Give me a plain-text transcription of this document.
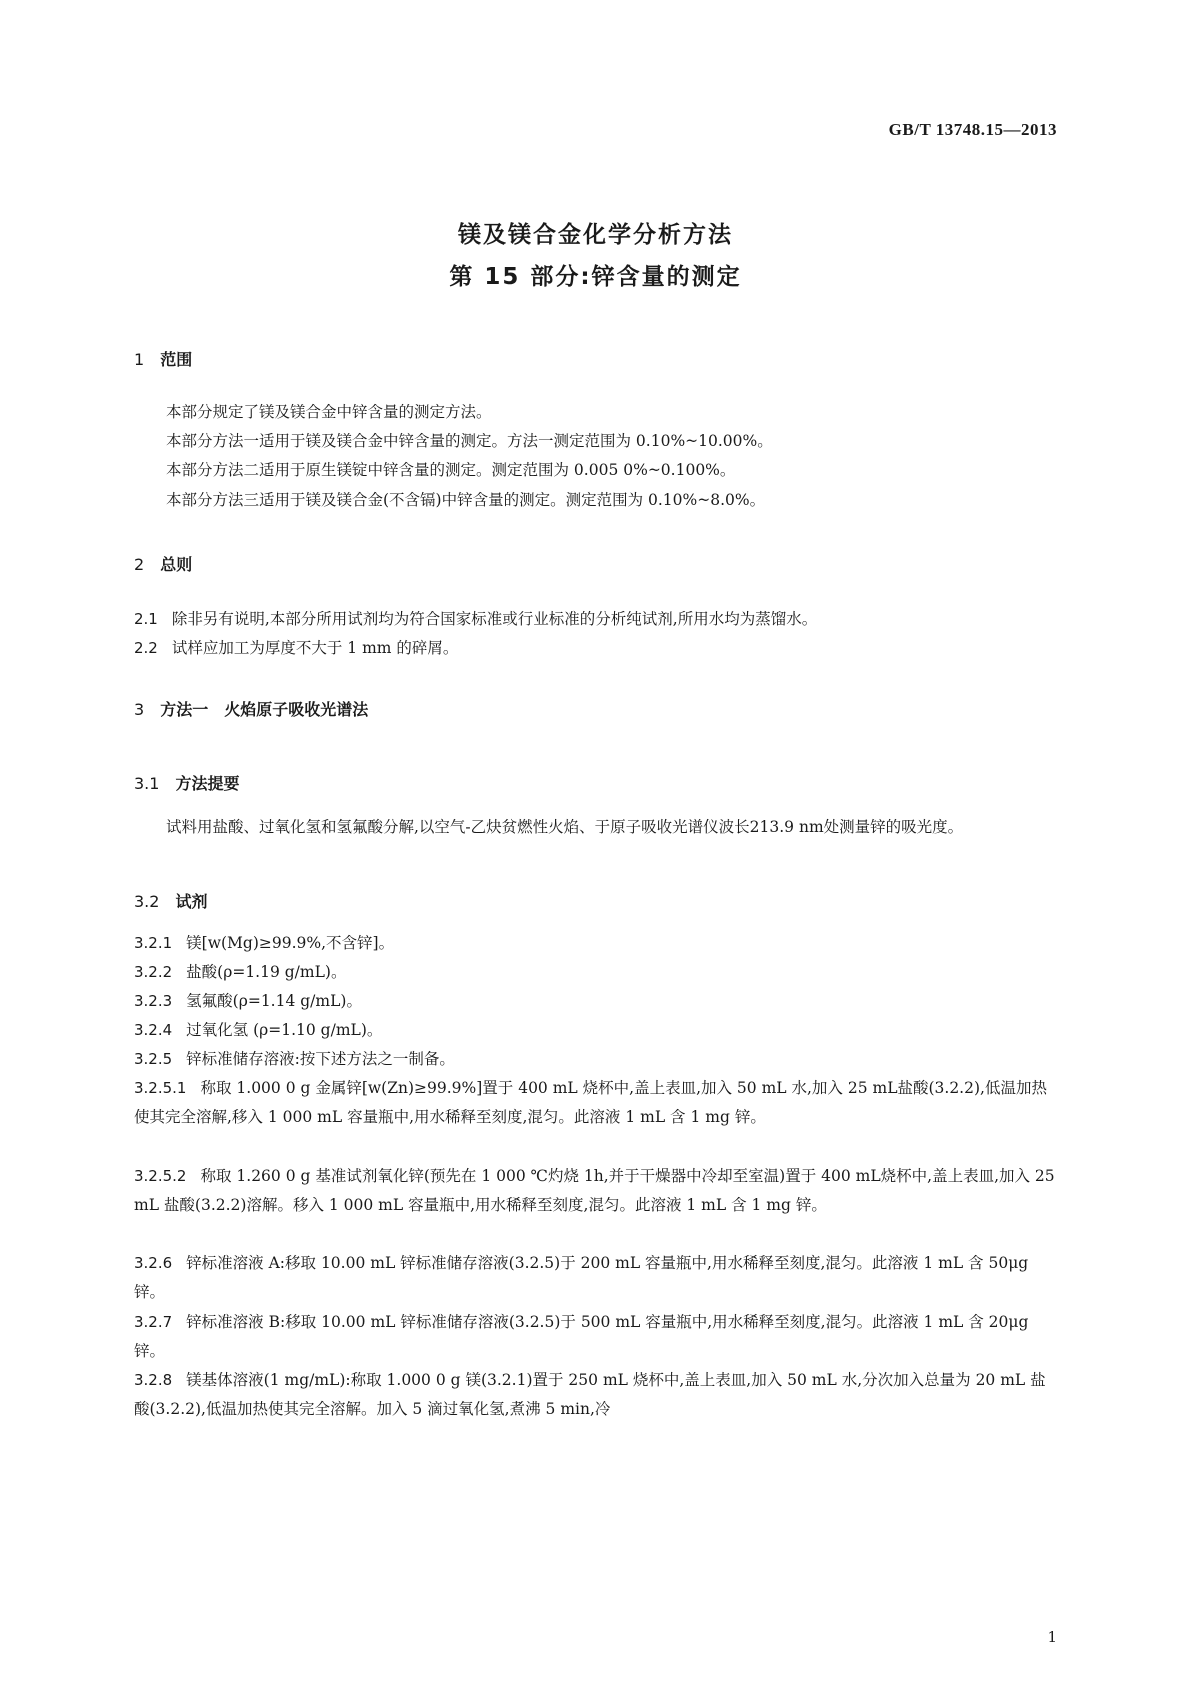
GB/T 13748.15—2013
镁及镁合金化学分析方法
第 15 部分:锌含量的测定
1 范围
本部分规定了镁及镁合金中锌含量的测定方法。
本部分方法一适用于镁及镁合金中锌含量的测定。方法一测定范围为 0.10%~10.00%。
本部分方法二适用于原生镁锭中锌含量的测定。测定范围为 0.005 0%~0.100%。
本部分方法三适用于镁及镁合金(不含镉)中锌含量的测定。测定范围为 0.10%~8.0%。
2 总则
2.1 除非另有说明,本部分所用试剂均为符合国家标准或行业标准的分析纯试剂,所用水均为蒸馏水。
2.2 试样应加工为厚度不大于 1 mm 的碎屑。
3 方法一　火焰原子吸收光谱法
3.1 方法提要
试料用盐酸、过氧化氢和氢氟酸分解,以空气-乙炔贫燃性火焰、于原子吸收光谱仪波长213.9 nm处测量锌的吸光度。
3.2 试剂
3.2.1 镁[w(Mg)≥99.9%,不含锌]。
3.2.2 盐酸(ρ=1.19 g/mL)。
3.2.3 氢氟酸(ρ=1.14 g/mL)。
3.2.4 过氧化氢 (ρ=1.10 g/mL)。
3.2.5 锌标准储存溶液:按下述方法之一制备。
3.2.5.1 称取 1.000 0 g 金属锌[w(Zn)≥99.9%]置于 400 mL 烧杯中,盖上表皿,加入 50 mL 水,加入 25 mL盐酸(3.2.2),低温加热使其完全溶解,移入 1 000 mL 容量瓶中,用水稀释至刻度,混匀。此溶液 1 mL 含 1 mg 锌。
3.2.5.2 称取 1.260 0 g 基准试剂氧化锌(预先在 1 000 ℃灼烧 1h,并于干燥器中冷却至室温)置于 400 mL烧杯中,盖上表皿,加入 25 mL 盐酸(3.2.2)溶解。移入 1 000 mL 容量瓶中,用水稀释至刻度,混匀。此溶液 1 mL 含 1 mg 锌。
3.2.6 锌标准溶液 A:移取 10.00 mL 锌标准储存溶液(3.2.5)于 200 mL 容量瓶中,用水稀释至刻度,混匀。此溶液 1 mL 含 50μg 锌。
3.2.7 锌标准溶液 B:移取 10.00 mL 锌标准储存溶液(3.2.5)于 500 mL 容量瓶中,用水稀释至刻度,混匀。此溶液 1 mL 含 20μg 锌。
3.2.8 镁基体溶液(1 mg/mL):称取 1.000 0 g 镁(3.2.1)置于 250 mL 烧杯中,盖上表皿,加入 50 mL 水,分次加入总量为 20 mL 盐酸(3.2.2),低温加热使其完全溶解。加入 5 滴过氧化氢,煮沸 5 min,冷
1
